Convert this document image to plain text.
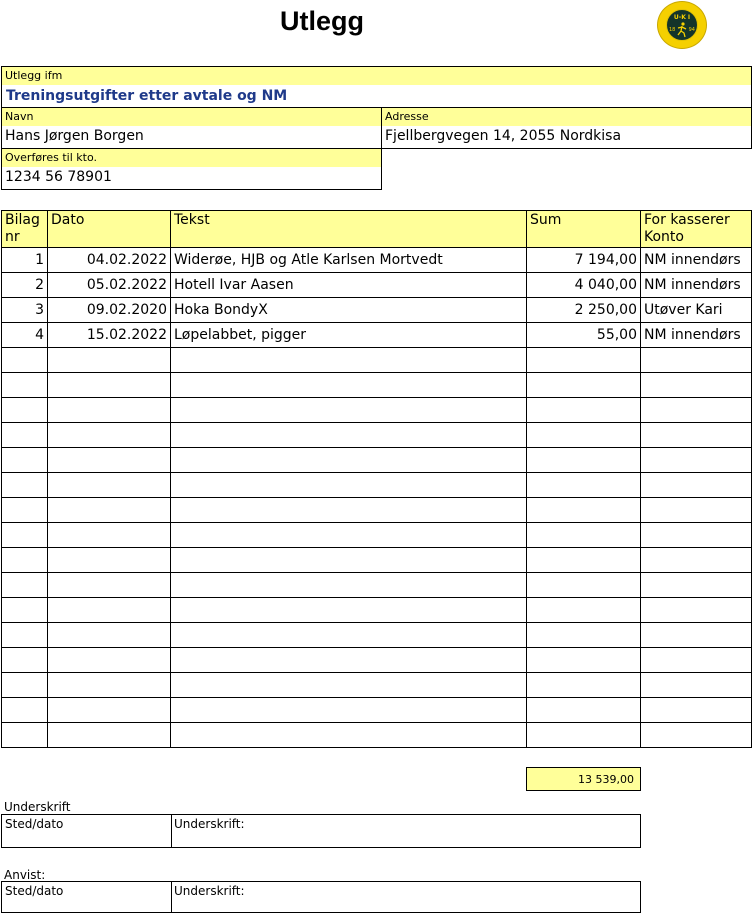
Utlegg	U-K I
18	94
Utlegg ifm
Treningsutgifter etter avtale og NM
Navn
Hans Jørgen Borgen
Adresse
Fjellbergvegen 14, 2055 Nordkisa
Overføres til kto.
1234 56 78901
Bilag nr	Dato	Tekst	Sum	For kasserer Konto
1	04.02.2022	Widerøe, HJB og Atle Karlsen Mortvedt	7 194,00	NM innendørs
2	05.02.2022	Hotell Ivar Aasen	4 040,00	NM innendørs
3	09.02.2020	Hoka BondyX	2 250,00	Utøver Kari
4	15.02.2022	Løpelabbet, pigger	55,00	NM innendørs

13 539,00
Underskrift
Sted/dato	Underskrift:
Anvist:
Sted/dato	Underskrift:
